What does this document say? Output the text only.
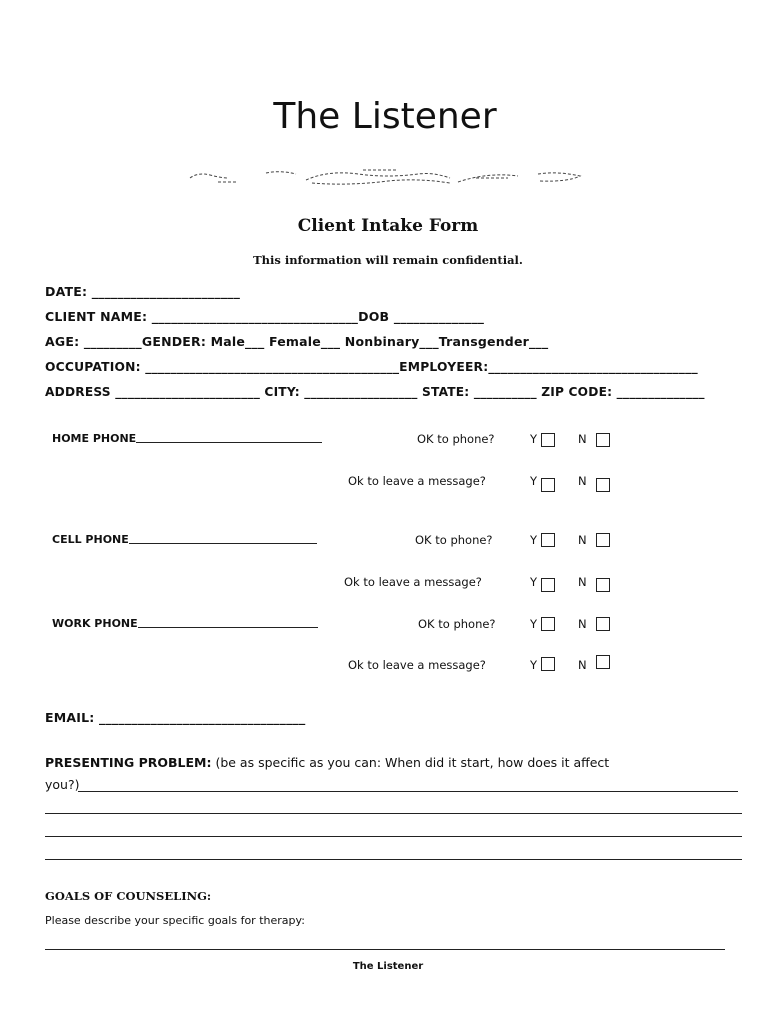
The Listener
Client Intake Form
This information will remain confidential.
DATE: _______________________
CLIENT NAME: ________________________________DOB ______________
AGE: _________GENDER: Male___ Female___ Nonbinary___Transgender___
OCCUPATION: ________________________________________EMPLOYEER:_________________________________
ADDRESS _______________________ CITY: __________________ STATE: __________ ZIP CODE: ______________
HOME PHONE	OK to phone?	Y	N
Ok to leave a message?	Y	N
CELL PHONE	OK to phone?	Y	N
Ok to leave a message?	Y	N
WORK PHONE	OK to phone?	Y	N
Ok to leave a message?	Y	N
EMAIL: ________________________________
PRESENTING PROBLEM: (be as specific as you can: When did it start, how does it affect
you?)
GOALS OF COUNSELING:
Please describe your specific goals for therapy:
The Listener
